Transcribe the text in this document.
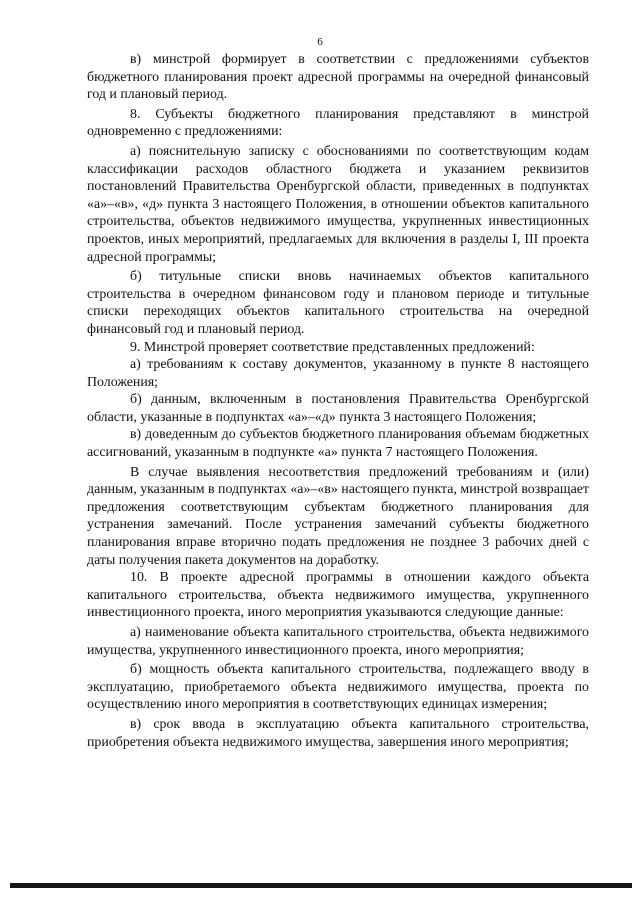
6

в) минстрой формирует в соответствии с предложениями субъектов бюджетного планирования проект адресной программы на очередной финансовый год и плановый период.

8. Субъекты бюджетного планирования представляют в минстрой одновременно с предложениями:

а) пояснительную записку с обоснованиями по соответствующим кодам классификации расходов областного бюджета и указанием реквизитов постановлений Правительства Оренбургской области, приведенных в подпунктах «а»–«в», «д» пункта 3 настоящего Положения, в отношении объектов капитального строительства, объектов недвижимого имущества, укрупненных инвестиционных проектов, иных мероприятий, предлагаемых для включения в разделы I, III проекта адресной программы;

б) титульные списки вновь начинаемых объектов капитального строительства в очередном финансовом году и плановом периоде и титульные списки переходящих объектов капитального строительства на очередной финансовый год и плановый период.

9. Минстрой проверяет соответствие представленных предложений:

а) требованиям к составу документов, указанному в пункте 8 настоящего Положения;

б) данным, включенным в постановления Правительства Оренбургской области, указанные в подпунктах «а»–«д» пункта 3 настоящего Положения;

в) доведенным до субъектов бюджетного планирования объемам бюджетных ассигнований, указанным в подпункте «а» пункта 7 настоящего Положения.

В случае выявления несоответствия предложений требованиям и (или) данным, указанным в подпунктах «а»–«в» настоящего пункта, минстрой возвращает предложения соответствующим субъектам бюджетного планирования для устранения замечаний. После устранения замечаний субъекты бюджетного планирования вправе вторично подать предложения не позднее 3 рабочих дней с даты получения пакета документов на доработку.

10. В проекте адресной программы в отношении каждого объекта капитального строительства, объекта недвижимого имущества, укрупненного инвестиционного проекта, иного мероприятия указываются следующие данные:

а) наименование объекта капитального строительства, объекта недвижимого имущества, укрупненного инвестиционного проекта, иного мероприятия;

б) мощность объекта капитального строительства, подлежащего вводу в эксплуатацию, приобретаемого объекта недвижимого имущества, проекта по осуществлению иного мероприятия в соответствующих единицах измерения;

в) срок ввода в эксплуатацию объекта капитального строительства, приобретения объекта недвижимого имущества, завершения иного мероприятия;
